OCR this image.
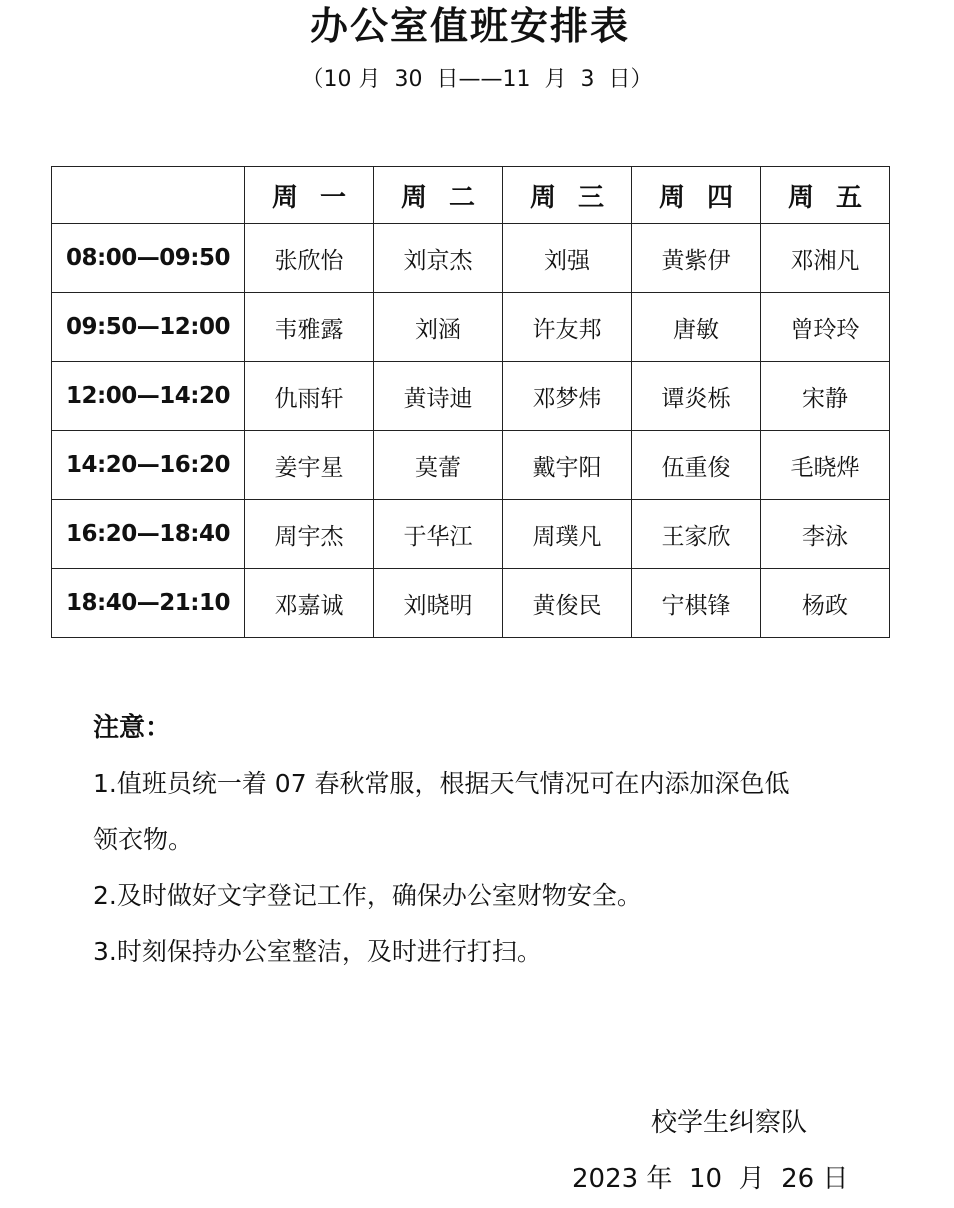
办公室值班安排表
（10 月  30  日——11  月  3  日）
	周一	周二	周三	周四	周五
08:00—09:50	张欣怡	刘京杰	刘强	黄紫伊	邓湘凡
09:50—12:00	韦雅露	刘涵	许友邦	唐敏	曾玲玲
12:00—14:20	仇雨轩	黄诗迪	邓梦炜	谭炎栎	宋静
14:20—16:20	姜宇星	莫蕾	戴宇阳	伍重俊	毛晓烨
16:20—18:40	周宇杰	于华江	周璞凡	王家欣	李泳
18:40—21:10	邓嘉诚	刘晓明	黄俊民	宁棋锋	杨政
注意：
1.值班员统一着 07 春秋常服，根据天气情况可在内添加深色低
领衣物。
2.及时做好文字登记工作，确保办公室财物安全。
3.时刻保持办公室整洁，及时进行打扫。
校学生纠察队
2023 年  10  月  26 日
